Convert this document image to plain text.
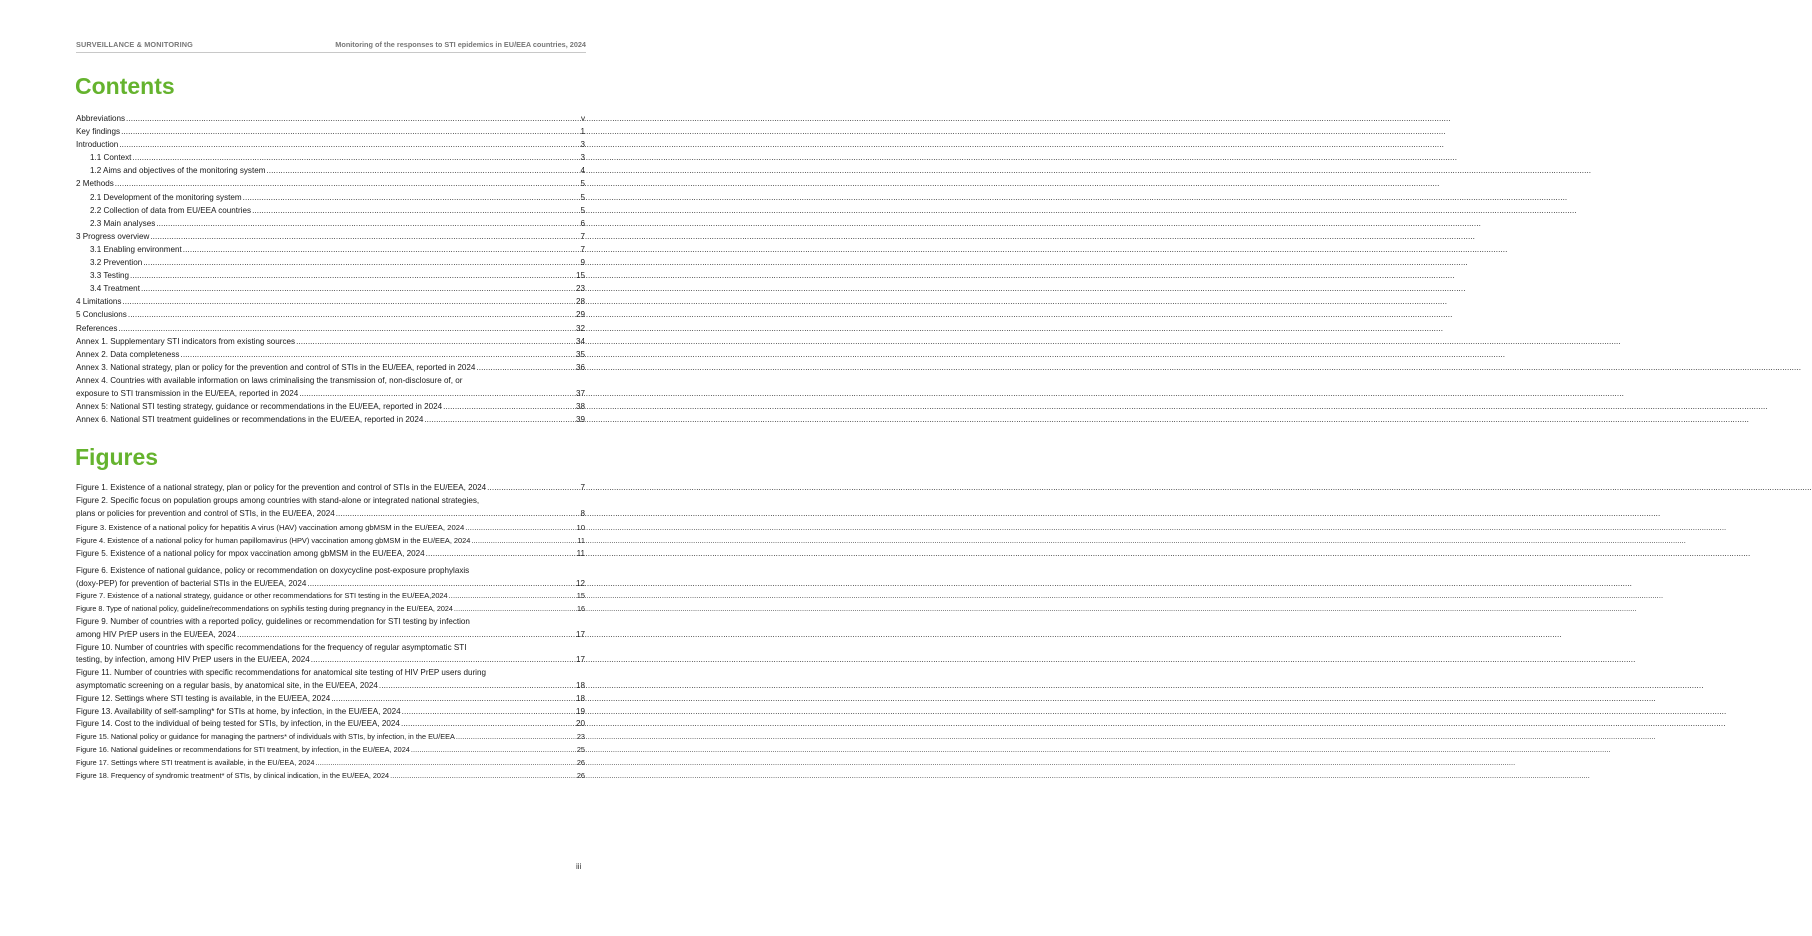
SURVEILLANCE & MONITORING	Monitoring of the responses to STI epidemics in EU/EEA countries, 2024
Contents
Abbreviations .....	v
Key findings .....	1
Introduction .....	3
1.1 Context .....	3
1.2 Aims and objectives of the monitoring system .....	4
2 Methods .....	5
2.1 Development of the monitoring system .....	5
2.2 Collection of data from EU/EEA countries .....	5
2.3 Main analyses .....	6
3 Progress overview .....	7
3.1 Enabling environment .....	7
3.2 Prevention .....	9
3.3 Testing .....	15
3.4 Treatment .....	23
4 Limitations .....	28
5 Conclusions .....	29
References .....	32
Annex 1. Supplementary STI indicators from existing sources .....	34
Annex 2. Data completeness .....	35
Annex 3. National strategy, plan or policy for the prevention and control of STIs in the EU/EEA, reported in 2024 .....	36
Annex 4. Countries with available information on laws criminalising the transmission of, non-disclosure of, or
exposure to STI transmission in the EU/EEA, reported in 2024 .....	37
Annex 5: National STI testing strategy, guidance or recommendations in the EU/EEA, reported in 2024 .....	38
Annex 6. National STI treatment guidelines or recommendations in the EU/EEA, reported in 2024 .....	39
Figures
Figure 1. Existence of a national strategy, plan or policy for the prevention and control of STIs in the EU/EEA, 2024 .....	7
Figure 2. Specific focus on population groups among countries with stand-alone or integrated national strategies,
plans or policies for prevention and control of STIs, in the EU/EEA, 2024 .....	8
Figure 3. Existence of a national policy for hepatitis A virus (HAV) vaccination among gbMSM in the EU/EEA, 2024 .....	10
Figure 4. Existence of a national policy for human papillomavirus (HPV) vaccination among gbMSM in the EU/EEA, 2024 .....	11
Figure 5. Existence of a national policy for mpox vaccination among gbMSM in the EU/EEA, 2024 .....	11
Figure 6. Existence of national guidance, policy or recommendation on doxycycline post-exposure prophylaxis
(doxy-PEP) for prevention of bacterial STIs in the EU/EEA, 2024 .....	12
Figure 7. Existence of a national strategy, guidance or other recommendations for STI testing in the EU/EEA,2024 .....	15
Figure 8. Type of national policy, guideline/recommendations on syphilis testing during pregnancy in the EU/EEA, 2024 .....	16
Figure 9. Number of countries with a reported policy, guidelines or recommendation for STI testing by infection
among HIV PrEP users in the EU/EEA, 2024 .....	17
Figure 10. Number of countries with specific recommendations for the frequency of regular asymptomatic STI
testing, by infection, among HIV PrEP users in the EU/EEA, 2024 .....	17
Figure 11. Number of countries with specific recommendations for anatomical site testing of HIV PrEP users during
asymptomatic screening on a regular basis, by anatomical site, in the EU/EEA, 2024 .....	18
Figure 12. Settings where STI testing is available, in the EU/EEA, 2024 .....	18
Figure 13. Availability of self-sampling* for STIs at home, by infection, in the EU/EEA, 2024 .....	19
Figure 14. Cost to the individual of being tested for STIs, by infection, in the EU/EEA, 2024 .....	20
Figure 15. National policy or guidance for managing the partners* of individuals with STIs, by infection, in the EU/EEA .....	23
Figure 16. National guidelines or recommendations for STI treatment, by infection, in the EU/EEA, 2024 .....	25
Figure 17. Settings where STI treatment is available, in the EU/EEA, 2024 .....	26
Figure 18. Frequency of syndromic treatment* of STIs, by clinical indication, in the EU/EEA, 2024 .....	26
iii
